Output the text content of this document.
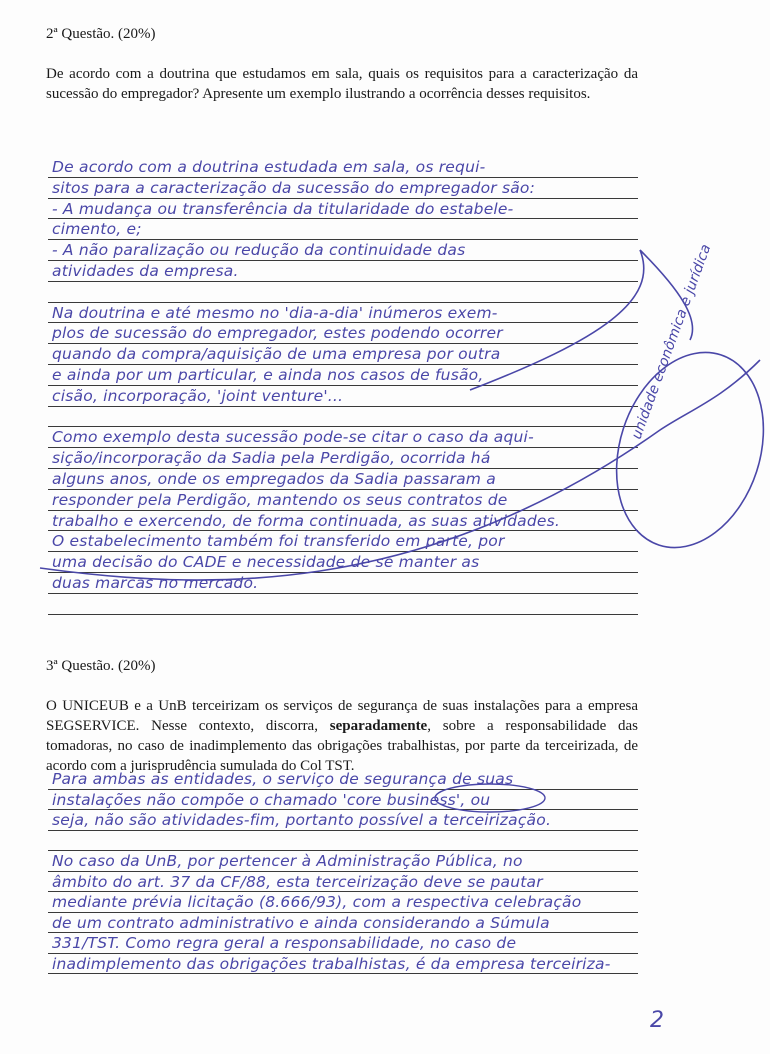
2ª Questão. (20%)
De acordo com a doutrina que estudamos em sala, quais os requisitos para a caracterização da sucessão do empregador? Apresente um exemplo ilustrando a ocorrência desses requisitos.
De acordo com a doutrina estudada em sala, os requi-
sitos para a caracterização da sucessão do empregador são:
- A mudança ou transferência da titularidade do estabele-
cimento, e;
- A não paralização ou redução da continuidade das
atividades da empresa.
Na doutrina e até mesmo no 'dia-a-dia' inúmeros exem-
plos de sucessão do empregador, estes podendo ocorrer
quando da compra/aquisição de uma empresa por outra
e ainda por um particular, e ainda nos casos de fusão,
cisão, incorporação, 'joint venture'...
Como exemplo desta sucessão pode-se citar o caso da aqui-
sição/incorporação da Sadia pela Perdigão, ocorrida há
alguns anos, onde os empregados da Sadia passaram a
responder pela Perdigão, mantendo os seus contratos de
trabalho e exercendo, de forma continuada, as suas atividades.
O estabelecimento também foi transferido em parte, por
uma decisão do CADE e necessidade de se manter as
duas marcas no mercado.
3ª Questão. (20%)
O UNICEUB e a UnB terceirizam os serviços de segurança de suas instalações para a empresa SEGSERVICE. Nesse contexto, discorra, separadamente, sobre a responsabilidade das tomadoras, no caso de inadimplemento das obrigações trabalhistas, por parte da terceirizada, de acordo com a jurisprudência sumulada do Col TST.
Para ambas as entidades, o serviço de segurança de suas
instalações não compõe o chamado 'core business', ou
seja, não são atividades-fim, portanto possível a terceirização.
No caso da UnB, por pertencer à Administração Pública, no
âmbito do art. 37 da CF/88, esta terceirização deve se pautar
mediante prévia licitação (8.666/93), com a respectiva celebração
de um contrato administrativo e ainda considerando a Súmula
331/TST. Como regra geral a responsabilidade, no caso de
inadimplemento das obrigações trabalhistas, é da empresa terceiriza-
unidade econômica e jurídica
2
